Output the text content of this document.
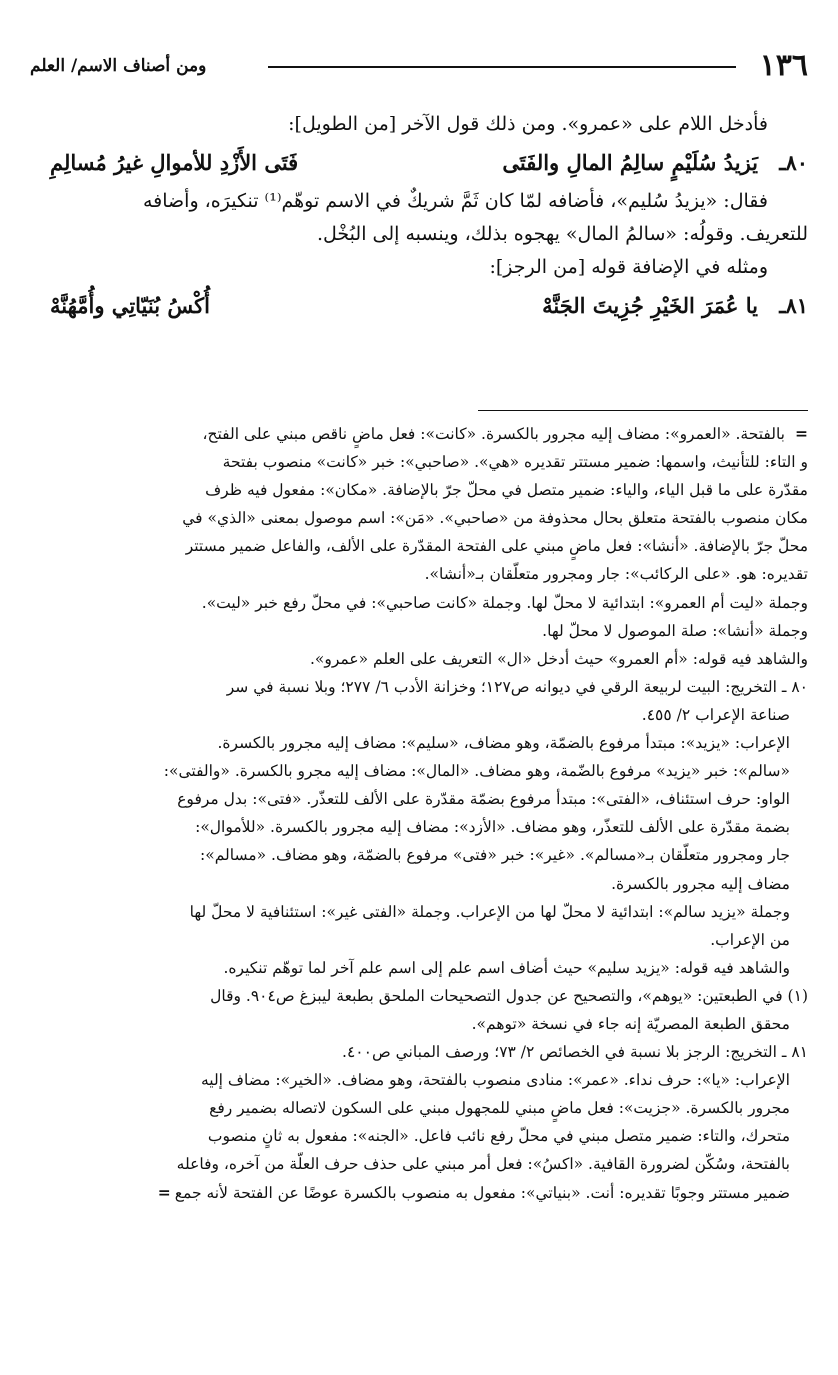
١٣٦
ومن أصناف الاسم/ العلم

فأدخل اللام على «عمرو». ومن ذلك قول الآخر [من الطويل]:

٨٠ـ
يَزيدُ سُلَيْمٍ سالِمُ المالِ والفَتَى
فَتَى الأَزْدِ للأموالِ غيرُ مُسالِمِ

فقال: «يزيدُ سُليم»، فأضافه لمّا كان ثَمَّ شريكٌ في الاسم توهّم⁽¹⁾ تنكيرَه، وأضافه

للتعريف. وقولُه: «سالمُ المال» يهجوه بذلك، وينسبه إلى البُخْل.

ومثله في الإضافة قوله [من الرجز]:

٨١ـ
يا عُمَرَ الخَيْرِ جُزِيتَ الجَنَّهْ
أُكْسُ بُنَيّاتِي وأُمَّهُنَّهْ

=بالفتحة. «العمرو»: مضاف إليه مجرور بالكسرة. «كانت»: فعل ماضٍ ناقص مبني على الفتح،

و التاء: للتأنيث، واسمها: ضمير مستتر تقديره «هي». «صاحبي»: خبر «كانت» منصوب بفتحة

مقدّرة على ما قبل الياء، والياء: ضمير متصل في محلّ جرّ بالإضافة. «مكان»: مفعول فيه ظرف

مكان منصوب بالفتحة متعلق بحال محذوفة من «صاحبي». «مَن»: اسم موصول بمعنى «الذي» في

محلّ جرّ بالإضافة. «أنشا»: فعل ماضٍ مبني على الفتحة المقدّرة على الألف، والفاعل ضمير مستتر

تقديره: هو. «على الركائب»: جار ومجرور متعلّقان بـ«أنشا».

وجملة «ليت أم العمرو»: ابتدائية لا محلّ لها. وجملة «كانت صاحبي»: في محلّ رفع خبر «ليت».

وجملة «أنشا»: صلة الموصول لا محلّ لها.

والشاهد فيه قوله: «أم العمرو» حيث أدخل «ال» التعريف على العلم «عمرو».

٨٠ ـ التخريج: البيت لربيعة الرقي في ديوانه ص١٢٧؛ وخزانة الأدب ٦/ ٢٧٧؛ وبلا نسبة في سر

صناعة الإعراب ٢/ ٤٥٥.

الإعراب: «يزيد»: مبتدأ مرفوع بالضمّة، وهو مضاف، «سليم»: مضاف إليه مجرور بالكسرة.

«سالم»: خبر «يزيد» مرفوع بالضّمة، وهو مضاف. «المال»: مضاف إليه مجرو بالكسرة. «والفتى»:

الواو: حرف استئناف، «الفتى»: مبتدأ مرفوع بضمّة مقدّرة على الألف للتعذّر. «فتى»: بدل مرفوع

بضمة مقدّرة على الألف للتعذّر، وهو مضاف. «الأزد»: مضاف إليه مجرور بالكسرة. «للأموال»:

جار ومجرور متعلّقان بـ«مسالم». «غير»: خبر «فتى» مرفوع بالضمّة، وهو مضاف. «مسالم»:

مضاف إليه مجرور بالكسرة.

وجملة «يزيد سالم»: ابتدائية لا محلّ لها من الإعراب. وجملة «الفتى غير»: استئنافية لا محلّ لها

من الإعراب.

والشاهد فيه قوله: «يزيد سليم» حيث أضاف اسم علم إلى اسم علم آخر لما توهّم تنكيره.

(١) في الطبعتين: «يوهم»، والتصحيح عن جدول التصحيحات الملحق بطبعة ليبزغ ص٩٠٤. وقال

محقق الطبعة المصريّة إنه جاء في نسخة «توهم».

٨١ ـ التخريج: الرجز بلا نسبة في الخصائص ٢/ ٧٣؛ ورصف المباني ص٤٠٠.

الإعراب: «يا»: حرف نداء. «عمر»: منادى منصوب بالفتحة، وهو مضاف. «الخير»: مضاف إليه

مجرور بالكسرة. «جزيت»: فعل ماضٍ مبني للمجهول مبني على السكون لاتصاله بضمير رفع

متحرك، والتاء: ضمير متصل مبني في محلّ رفع نائب فاعل. «الجنه»: مفعول به ثانٍ منصوب

بالفتحة، وسُكّن لضرورة القافية. «اكسُ»: فعل أمر مبني على حذف حرف العلّة من آخره، وفاعله

ضمير مستتر وجوبًا تقديره: أنت. «بنياتي»: مفعول به منصوب بالكسرة عوضًا عن الفتحة لأنه جمع=
